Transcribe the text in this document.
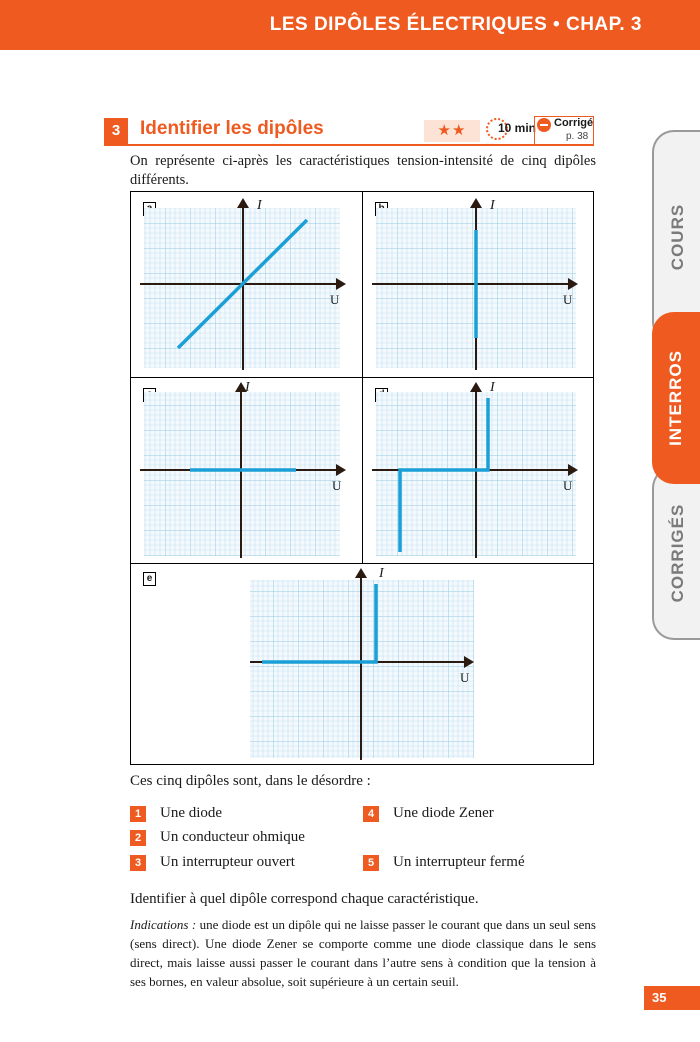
LES DIPÔLES ÉLECTRIQUES • CHAP. 3
COURS
CORRIGÉS
INTERROS
3	Identifier les dipôles	★★	10 min Corrigé
p. 38
On représente ci-après les caractéristiques tension-intensité de cinq dipôles différents.
I
U
I
U
I
U
I
U
e	I
U
Ces cinq dipôles sont, dans le désordre :
1	Une diode
2	Un conducteur ohmique
3	Un interrupteur ouvert
4	Une diode Zener
5	Un interrupteur fermé
Identifier à quel dipôle correspond chaque caractéristique.
Indications : une diode est un dipôle qui ne laisse passer le courant que dans un seul sens (sens direct). Une diode Zener se comporte comme une diode classique dans le sens direct, mais laisse aussi passer le courant dans l’autre sens à condition que la tension à ses bornes, en valeur absolue, soit supérieure à un certain seuil.
35
